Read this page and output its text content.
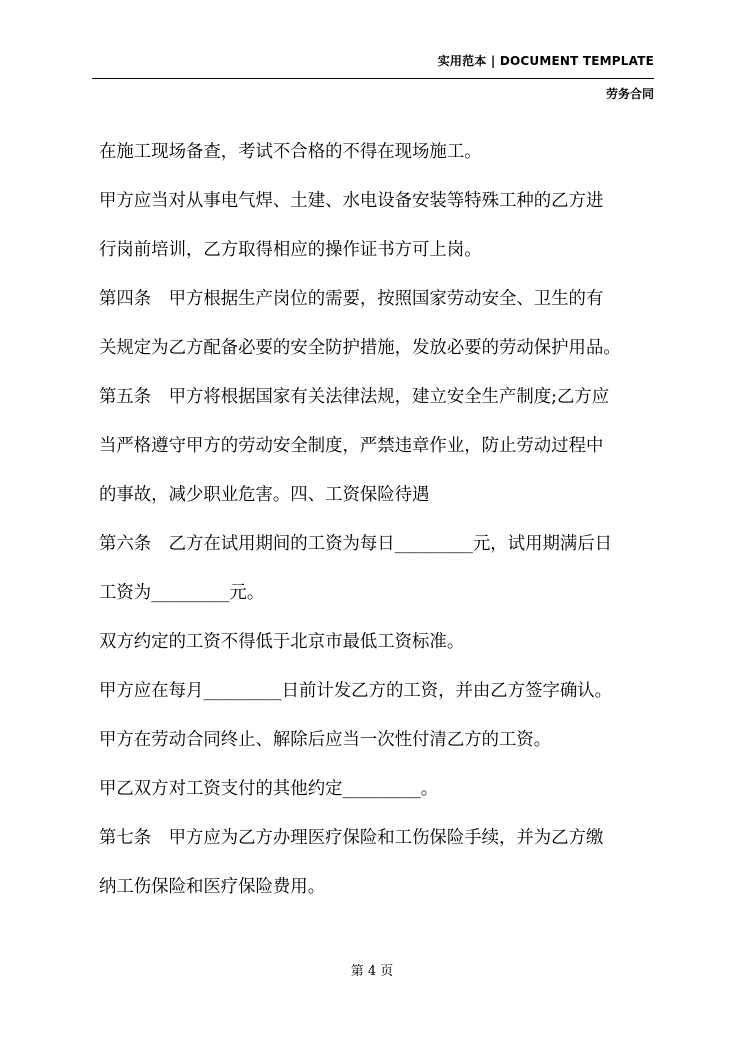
实用范本 | DOCUMENT TEMPLATE
劳务合同
在施工现场备查，考试不合格的不得在现场施工。
甲方应当对从事电气焊、土建、水电设备安装等特殊工种的乙方进
行岗前培训，乙方取得相应的操作证书方可上岗。
第四条　甲方根据生产岗位的需要，按照国家劳动安全、卫生的有
关规定为乙方配备必要的安全防护措施，发放必要的劳动保护用品。
第五条　甲方将根据国家有关法律法规，建立安全生产制度;乙方应
当严格遵守甲方的劳动安全制度，严禁违章作业，防止劳动过程中
的事故，减少职业危害。四、工资保险待遇
第六条　乙方在试用期间的工资为每日_________元，试用期满后日
工资为_________元。
双方约定的工资不得低于北京市最低工资标准。
甲方应在每月_________日前计发乙方的工资，并由乙方签字确认。
甲方在劳动合同终止、解除后应当一次性付清乙方的工资。
甲乙双方对工资支付的其他约定_________。
第七条　甲方应为乙方办理医疗保险和工伤保险手续，并为乙方缴
纳工伤保险和医疗保险费用。
第 4 页
